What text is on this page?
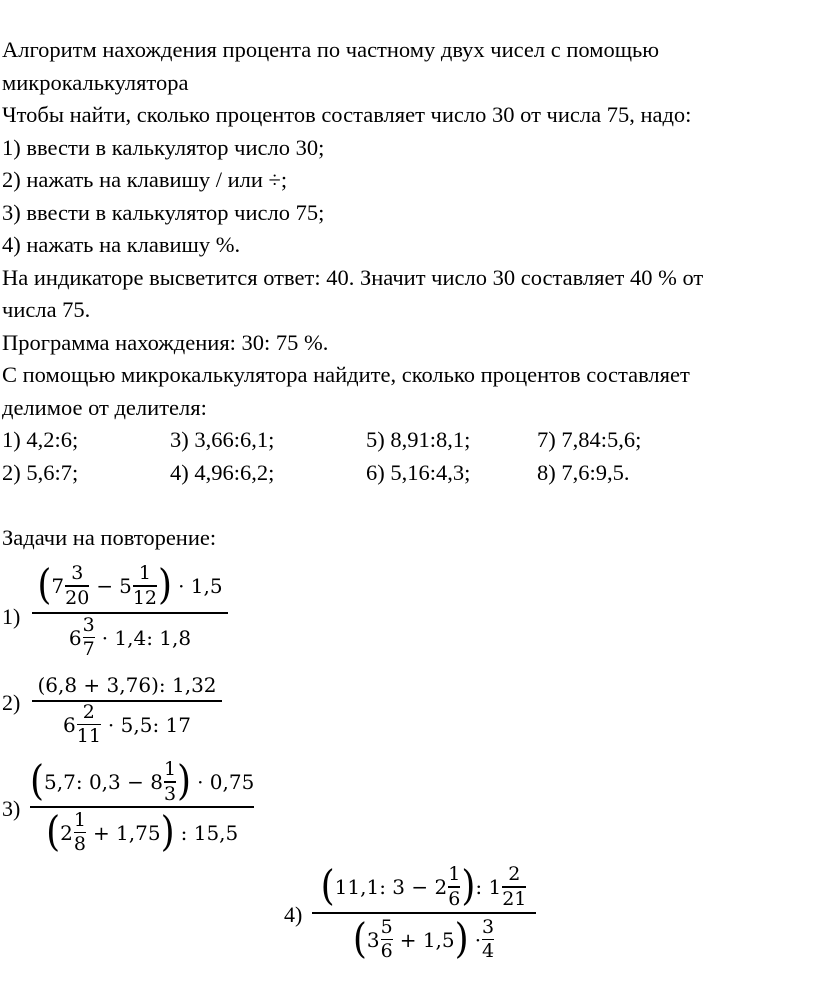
Алгоритм нахождения процента по частному двух чисел с помощью
микрокалькулятора
Чтобы найти, сколько процентов составляет число 30 от числа 75, надо:
1) ввести в калькулятор число 30;
2) нажать на клавишу / или ÷;
3) ввести в калькулятор число 75;
4) нажать на клавишу %.
На индикаторе высветится ответ: 40. Значит число 30 составляет 40 % от
числа 75.
Программа нахождения: 30: 75 %.
С помощью микрокалькулятора найдите, сколько процентов составляет
делимое от делителя:
1) 4,2:6;	3) 3,66:6,1;	5) 8,91:8,1;	7) 7,84:5,6;
2) 5,6:7;	4) 4,96:6,2;	6) 5,16:4,3;	8) 7,6:9,5.
Задачи на повторение:
1)
( 7
3
20 − 5
1
12 ) · 1,5
6
3
7 · 1,4: 1,8
2)
(6,8 + 3,76): 1,32
6
2
11 · 5,5: 17
3)
( 5,7: 0,3 − 8
1
3 ) · 0,75
( 2
1
8 + 1,75 ) : 15,5
4)
( 11,1: 3 − 2
1
6 ) : 1
2
21
( 3
5
6 + 1,5 ) ·
3
4
